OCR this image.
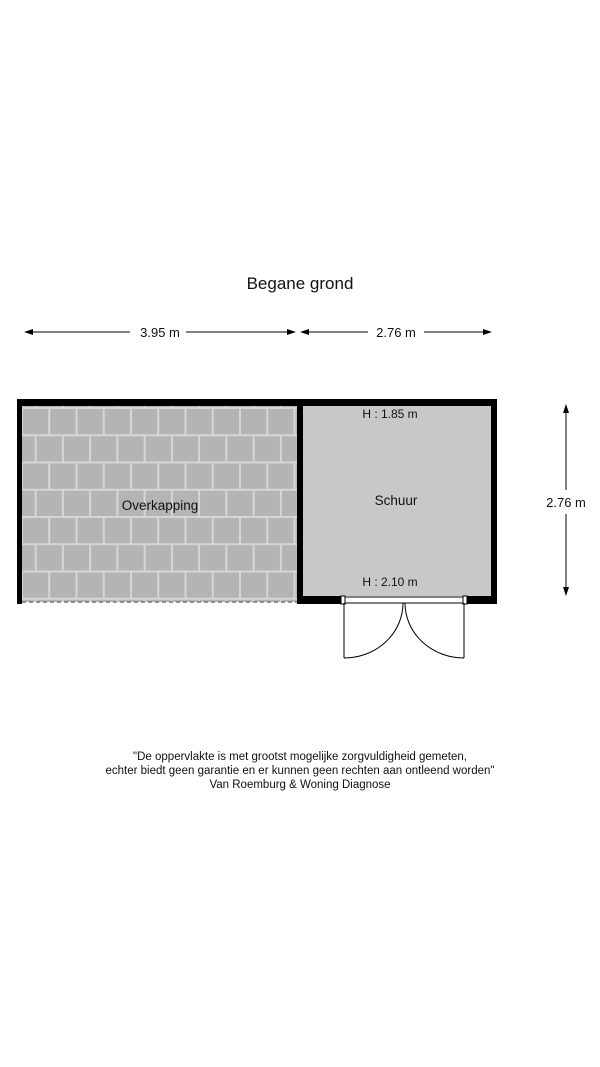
Begane grond
3.95 m	2.76 m
2.76 m
Overkapping	Schuur
H : 1.85 m
H : 2.10 m
"De oppervlakte is met grootst mogelijke zorgvuldigheid gemeten,
echter biedt geen garantie en er kunnen geen rechten aan ontleend worden"
Van Roemburg & Woning Diagnose
